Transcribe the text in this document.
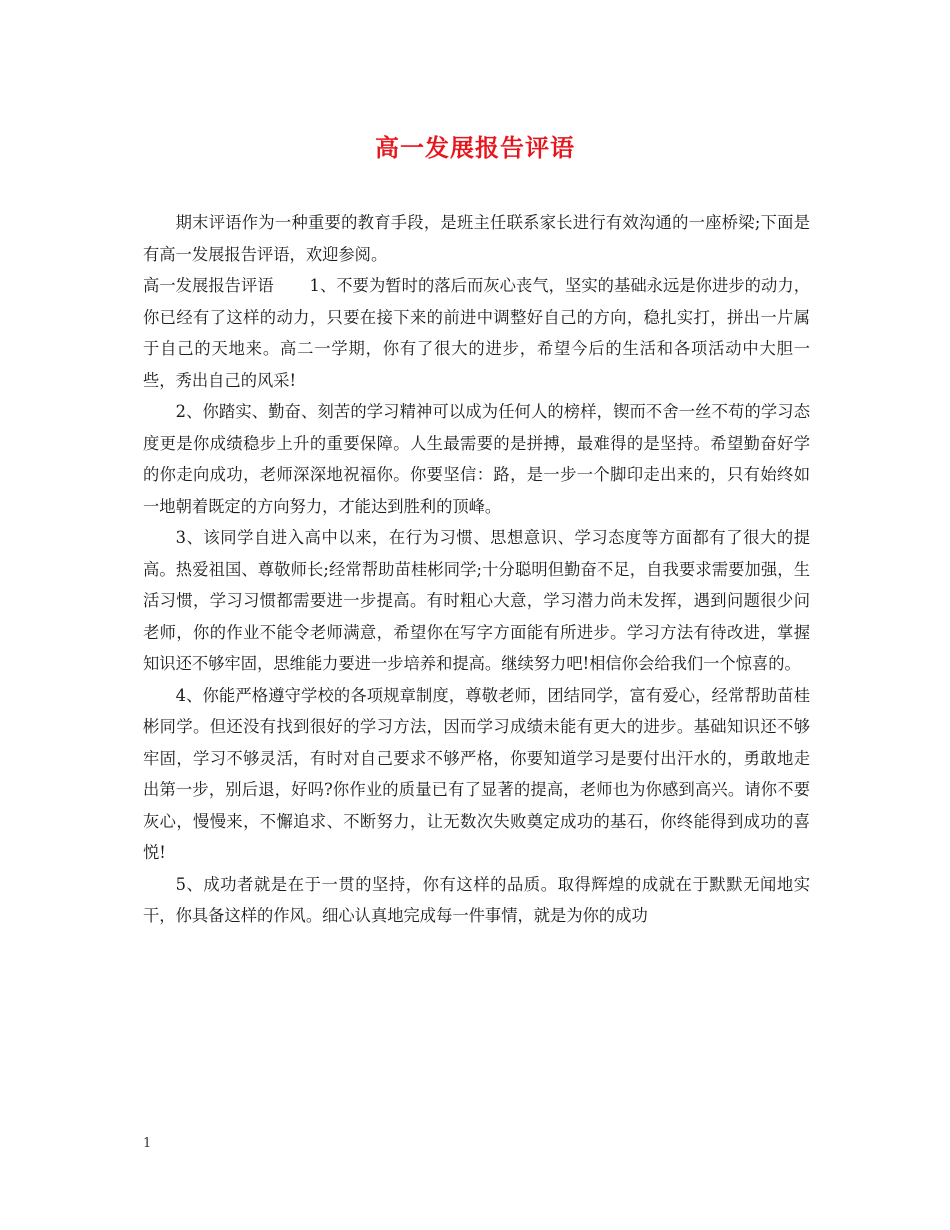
高一发展报告评语

期末评语作为一种重要的教育手段，是班主任联系家长进行有效沟通的一座桥梁;下面是有高一发展报告评语，欢迎参阅。

高一发展报告评语 1、不要为暂时的落后而灰心丧气，坚实的基础永远是你进步的动力，你已经有了这样的动力，只要在接下来的前进中调整好自己的方向，稳扎实打，拼出一片属于自己的天地来。高二一学期，你有了很大的进步，希望今后的生活和各项活动中大胆一些，秀出自己的风采!

2、你踏实、勤奋、刻苦的学习精神可以成为任何人的榜样，锲而不舍一丝不苟的学习态度更是你成绩稳步上升的重要保障。人生最需要的是拼搏，最难得的是坚持。希望勤奋好学的你走向成功，老师深深地祝福你。你要坚信：路，是一步一个脚印走出来的，只有始终如一地朝着既定的方向努力，才能达到胜利的顶峰。

3、该同学自进入高中以来，在行为习惯、思想意识、学习态度等方面都有了很大的提高。热爱祖国、尊敬师长;经常帮助苗桂彬同学;十分聪明但勤奋不足，自我要求需要加强，生活习惯，学习习惯都需要进一步提高。有时粗心大意，学习潜力尚未发挥，遇到问题很少问老师，你的作业不能令老师满意，希望你在写字方面能有所进步。学习方法有待改进，掌握知识还不够牢固，思维能力要进一步培养和提高。继续努力吧!相信你会给我们一个惊喜的。

4、你能严格遵守学校的各项规章制度，尊敬老师，团结同学，富有爱心，经常帮助苗桂彬同学。但还没有找到很好的学习方法，因而学习成绩未能有更大的进步。基础知识还不够牢固，学习不够灵活，有时对自己要求不够严格，你要知道学习是要付出汗水的，勇敢地走出第一步，别后退，好吗?你作业的质量已有了显著的提高，老师也为你感到高兴。请你不要灰心，慢慢来，不懈追求、不断努力，让无数次失败奠定成功的基石，你终能得到成功的喜悦!

5、成功者就是在于一贯的坚持，你有这样的品质。取得辉煌的成就在于默默无闻地实干，你具备这样的作风。细心认真地完成每一件事情，就是为你的成功

1
